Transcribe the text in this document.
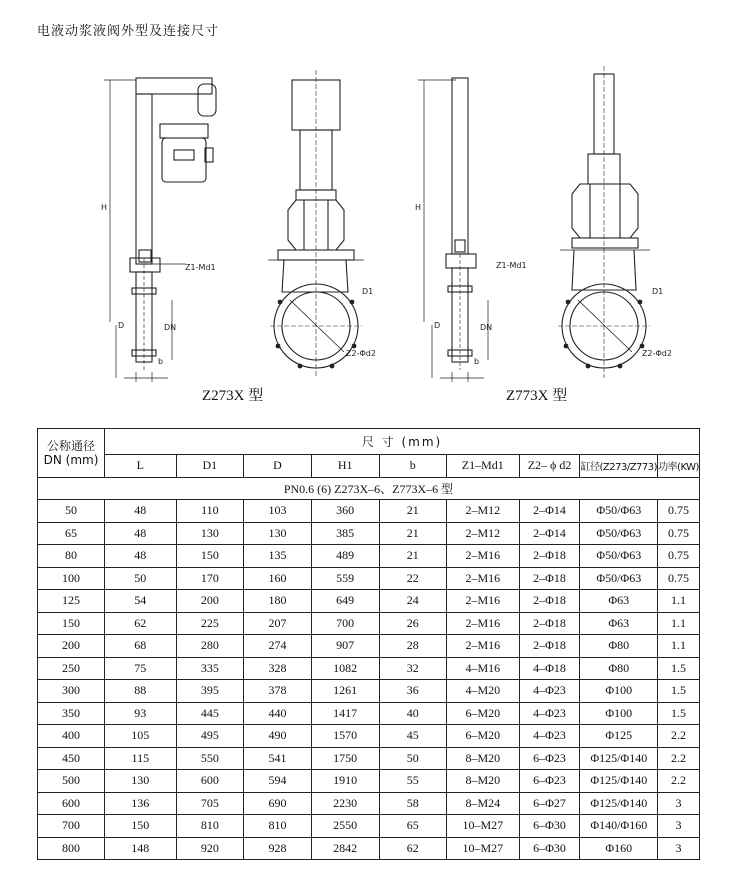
电液动浆液阀外型及连接尺寸
H
D	DN
b
Z1-Md1
D1
Z2-Φd2
H
D	DN
b
Z1-Md1
D1
Z2-Φd2
Z273X 型	Z773X 型
公称通径
DN (mm)	尺 寸 (mm)								
	L	D1	D	H1	b	Z1–Md1	Z2– ϕ d2	缸径(Z273/Z773)	功率(KW)
PN0.6 (6) Z273X–6、Z773X–6 型									
50	48	110	103	360	21	2–M12	2–Φ14	Φ50/Φ63	0.75
65	48	130	130	385	21	2–M12	2–Φ14	Φ50/Φ63	0.75
80	48	150	135	489	21	2–M16	2–Φ18	Φ50/Φ63	0.75
100	50	170	160	559	22	2–M16	2–Φ18	Φ50/Φ63	0.75
125	54	200	180	649	24	2–M16	2–Φ18	Φ63	1.1
150	62	225	207	700	26	2–M16	2–Φ18	Φ63	1.1
200	68	280	274	907	28	2–M16	2–Φ18	Φ80	1.1
250	75	335	328	1082	32	4–M16	4–Φ18	Φ80	1.5
300	88	395	378	1261	36	4–M20	4–Φ23	Φ100	1.5
350	93	445	440	1417	40	6–M20	4–Φ23	Φ100	1.5
400	105	495	490	1570	45	6–M20	4–Φ23	Φ125	2.2
450	115	550	541	1750	50	8–M20	6–Φ23	Φ125/Φ140	2.2
500	130	600	594	1910	55	8–M20	6–Φ23	Φ125/Φ140	2.2
600	136	705	690	2230	58	8–M24	6–Φ27	Φ125/Φ140	3
700	150	810	810	2550	65	10–M27	6–Φ30	Φ140/Φ160	3
800	148	920	928	2842	62	10–M27	6–Φ30	Φ160	3
